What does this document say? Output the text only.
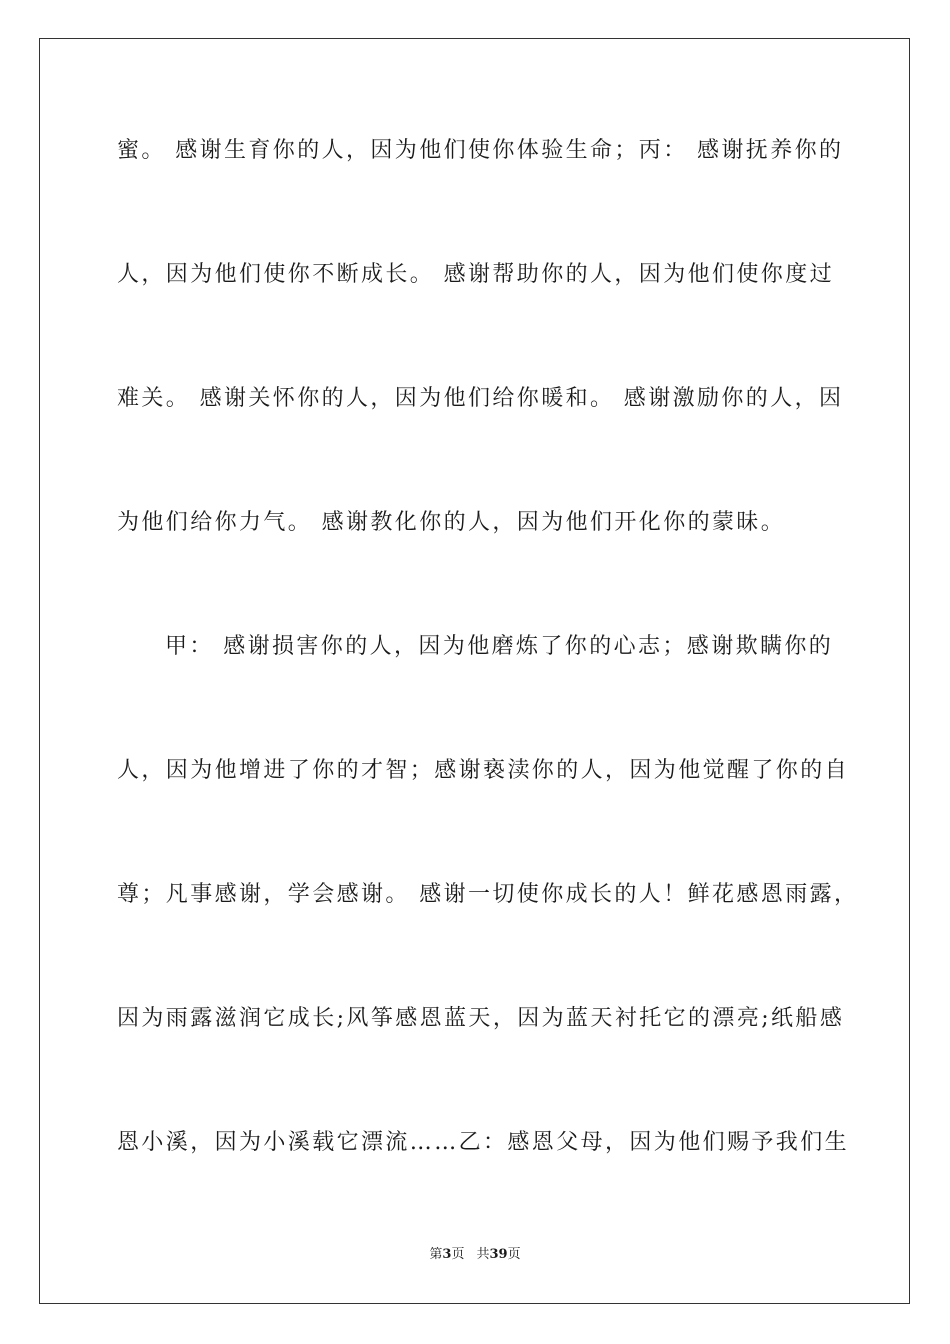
蜜。 感谢生育你的人，因为他们使你体验生命；丙： 感谢抚养你的
人，因为他们使你不断成长。 感谢帮助你的人，因为他们使你度过
难关。 感谢关怀你的人，因为他们给你暖和。 感谢激励你的人，因
为他们给你力气。 感谢教化你的人，因为他们开化你的蒙昧。
甲： 感谢损害你的人，因为他磨炼了你的心志；感谢欺瞒你的
人，因为他增进了你的才智；感谢亵渎你的人，因为他觉醒了你的自
尊；凡事感谢，学会感谢。 感谢一切使你成长的人！鲜花感恩雨露，
因为雨露滋润它成长;风筝感恩蓝天，因为蓝天衬托它的漂亮;纸船感
恩小溪，因为小溪载它漂流……乙：感恩父母，因为他们赐予我们生
第3页 共39页
